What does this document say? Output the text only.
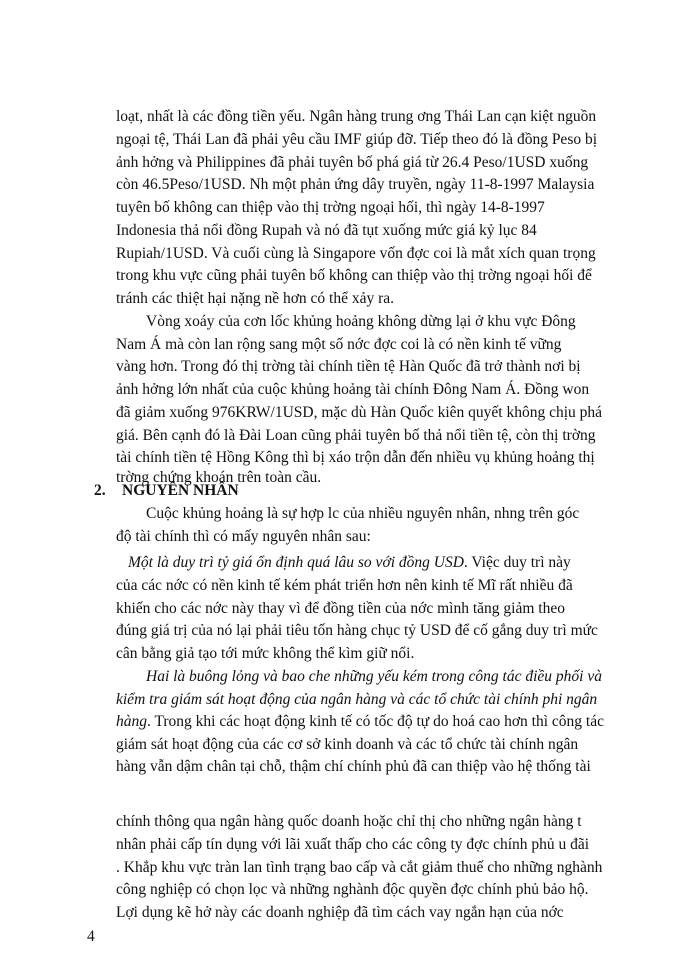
loạt, nhất là các đồng tiền yếu. Ngân hàng trung ơng Thái Lan cạn kiệt nguồn

ngoại tệ, Thái Lan đã phải yêu cầu IMF giúp đỡ. Tiếp theo đó là đồng Peso bị

ảnh hởng và Philippines đã phải tuyên bố phá giá từ 26.4 Peso/1USD xuống

còn 46.5Peso/1USD. Nh một phản ứng dây truyền, ngày 11-8-1997 Malaysia

tuyên bố không can thiệp vào thị trờng ngoại hối, thì ngày 14-8-1997

Indonesia thả nổi đồng Rupah và nó đã tụt xuống mức giá kỷ lục 84

Rupiah/1USD. Và cuối cùng là Singapore vốn đợc coi là mắt xích quan trọng

trong khu vực cũng phải tuyên bố không can thiệp vào thị trờng ngoại hối để

tránh các thiệt hại nặng nề hơn có thể xảy ra.

Vòng xoáy của cơn lốc khủng hoảng không dừng lại ở khu vực Đông

Nam Á mà còn lan rộng sang một số nớc đợc coi là có nền kinh tế vững

vàng hơn. Trong đó thị trờng tài chính tiền tệ Hàn Quốc đã trở thành nơi bị

ảnh hởng lớn nhất của cuộc khủng hoảng tài chính Đông Nam Á. Đồng won

đã giảm xuống 976KRW/1USD, mặc dù Hàn Quốc kiên quyết không chịu phá

giá. Bên cạnh đó là Đài Loan cũng phải tuyên bố thả nổi tiền tệ, còn thị trờng

tài chính tiền tệ Hồng Kông thì bị xáo trộn dẫn đến nhiều vụ khủng hoảng thị

trờng chứng khoán trên toàn cầu.

2. NGUYÊN NHÂN

Cuộc khủng hoảng là sự hợp lc của nhiều nguyên nhân, nhng trên góc

độ tài chính thì có mấy nguyên nhân sau:

Một là duy trì tỷ giá ổn định quá lâu so với đồng USD. Việc duy trì này

của các nớc có nền kinh tế kém phát triển hơn nên kinh tế Mĩ rất nhiều đã

khiến cho các nớc này thay vì để đồng tiền của nớc mình tăng giảm theo

đúng giá trị của nó lại phải tiêu tốn hàng chục tỷ USD để cố gắng duy trì mức

cân bằng giả tạo tới mức không thể kìm giữ nổi.

Hai là buông lỏng và bao che những yếu kém trong công tác điều phối và

kiểm tra giám sát hoạt động của ngân hàng và các tổ chức tài chính phi ngân

hàng. Trong khi các hoạt động kinh tế có tốc độ tự do hoá cao hơn thì công tác

giám sát hoạt động của các cơ sở kinh doanh và các tổ chức tài chính ngân

hàng vẫn dậm chân tại chỗ, thậm chí chính phủ đã can thiệp vào hệ thống tài

chính thông qua ngân hàng quốc doanh hoặc chỉ thị cho những ngân hàng t

nhân phải cấp tín dụng với lãi xuất thấp cho các công ty đợc chính phủ u đãi

. Khắp khu vực tràn lan tình trạng bao cấp và cắt giảm thuế cho những nghành

công nghiệp có chọn lọc và những nghành độc quyền đợc chính phủ bảo hộ.

Lợi dụng kẽ hở này các doanh nghiệp đã tìm cách vay ngắn hạn của nớc

4
